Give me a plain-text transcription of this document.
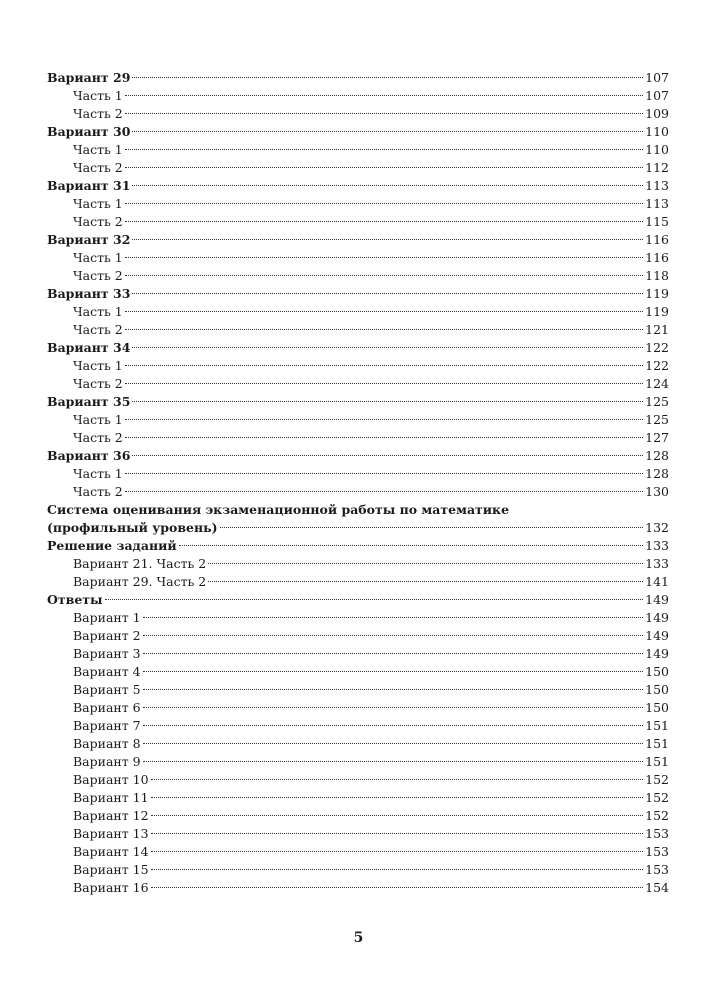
Вариант 29	107
Часть 1	107
Часть 2	109
Вариант 30	110
Часть 1	110
Часть 2	112
Вариант 31	113
Часть 1	113
Часть 2	115
Вариант 32	116
Часть 1	116
Часть 2	118
Вариант 33	119
Часть 1	119
Часть 2	121
Вариант 34	122
Часть 1	122
Часть 2	124
Вариант 35	125
Часть 1	125
Часть 2	127
Вариант 36	128
Часть 1	128
Часть 2	130
Система оценивания экзаменационной работы по математике
(профильный уровень)	132
Решение заданий	133
Вариант 21. Часть 2	133
Вариант 29. Часть 2	141
Ответы	149
Вариант 1	149
Вариант 2	149
Вариант 3	149
Вариант 4	150
Вариант 5	150
Вариант 6	150
Вариант 7	151
Вариант 8	151
Вариант 9	151
Вариант 10	152
Вариант 11	152
Вариант 12	152
Вариант 13	153
Вариант 14	153
Вариант 15	153
Вариант 16	154
5
